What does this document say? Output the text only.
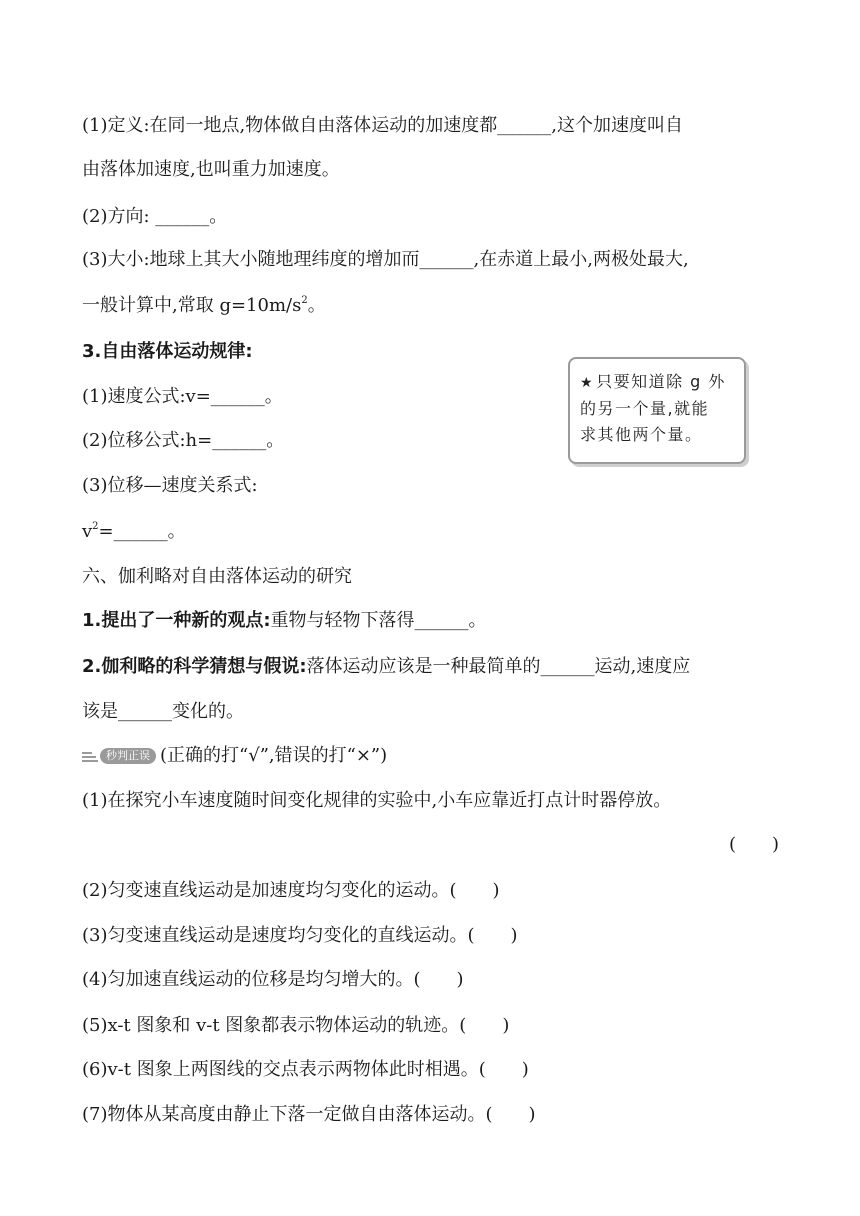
(1)定义:在同一地点,物体做自由落体运动的加速度都______,这个加速度叫自
由落体加速度,也叫重力加速度。
(2)方向: ______。
(3)大小:地球上其大小随地理纬度的增加而______,在赤道上最小,两极处最大,
一般计算中,常取 $g=10m/s^2$。
3.自由落体运动规律:
(1)速度公式:v=______。
(2)位移公式:h=______。
(3)位移—速度关系式:
$v^2=\_\_\_\_\_\_$。
★ 只要知道除 g 外
的另一个量,就能
求其他两个量。
六、伽利略对自由落体运动的研究
1.提出了一种新的观点:重物与轻物下落得______。
2.伽利略的科学猜想与假说:落体运动应该是一种最简单的______运动,速度应
该是______变化的。
秒判正误 (正确的打“√”,错误的打“×”)
(1)在探究小车速度随时间变化规律的实验中,小车应靠近打点计时器停放。
(　　)
(2)匀变速直线运动是加速度均匀变化的运动。(　　)
(3)匀变速直线运动是速度均匀变化的直线运动。(　　)
(4)匀加速直线运动的位移是均匀增大的。(　　)
(5)x-t 图象和 v-t 图象都表示物体运动的轨迹。(　　)
(6)v-t 图象上两图线的交点表示两物体此时相遇。(　　)
(7)物体从某高度由静止下落一定做自由落体运动。(　　)
